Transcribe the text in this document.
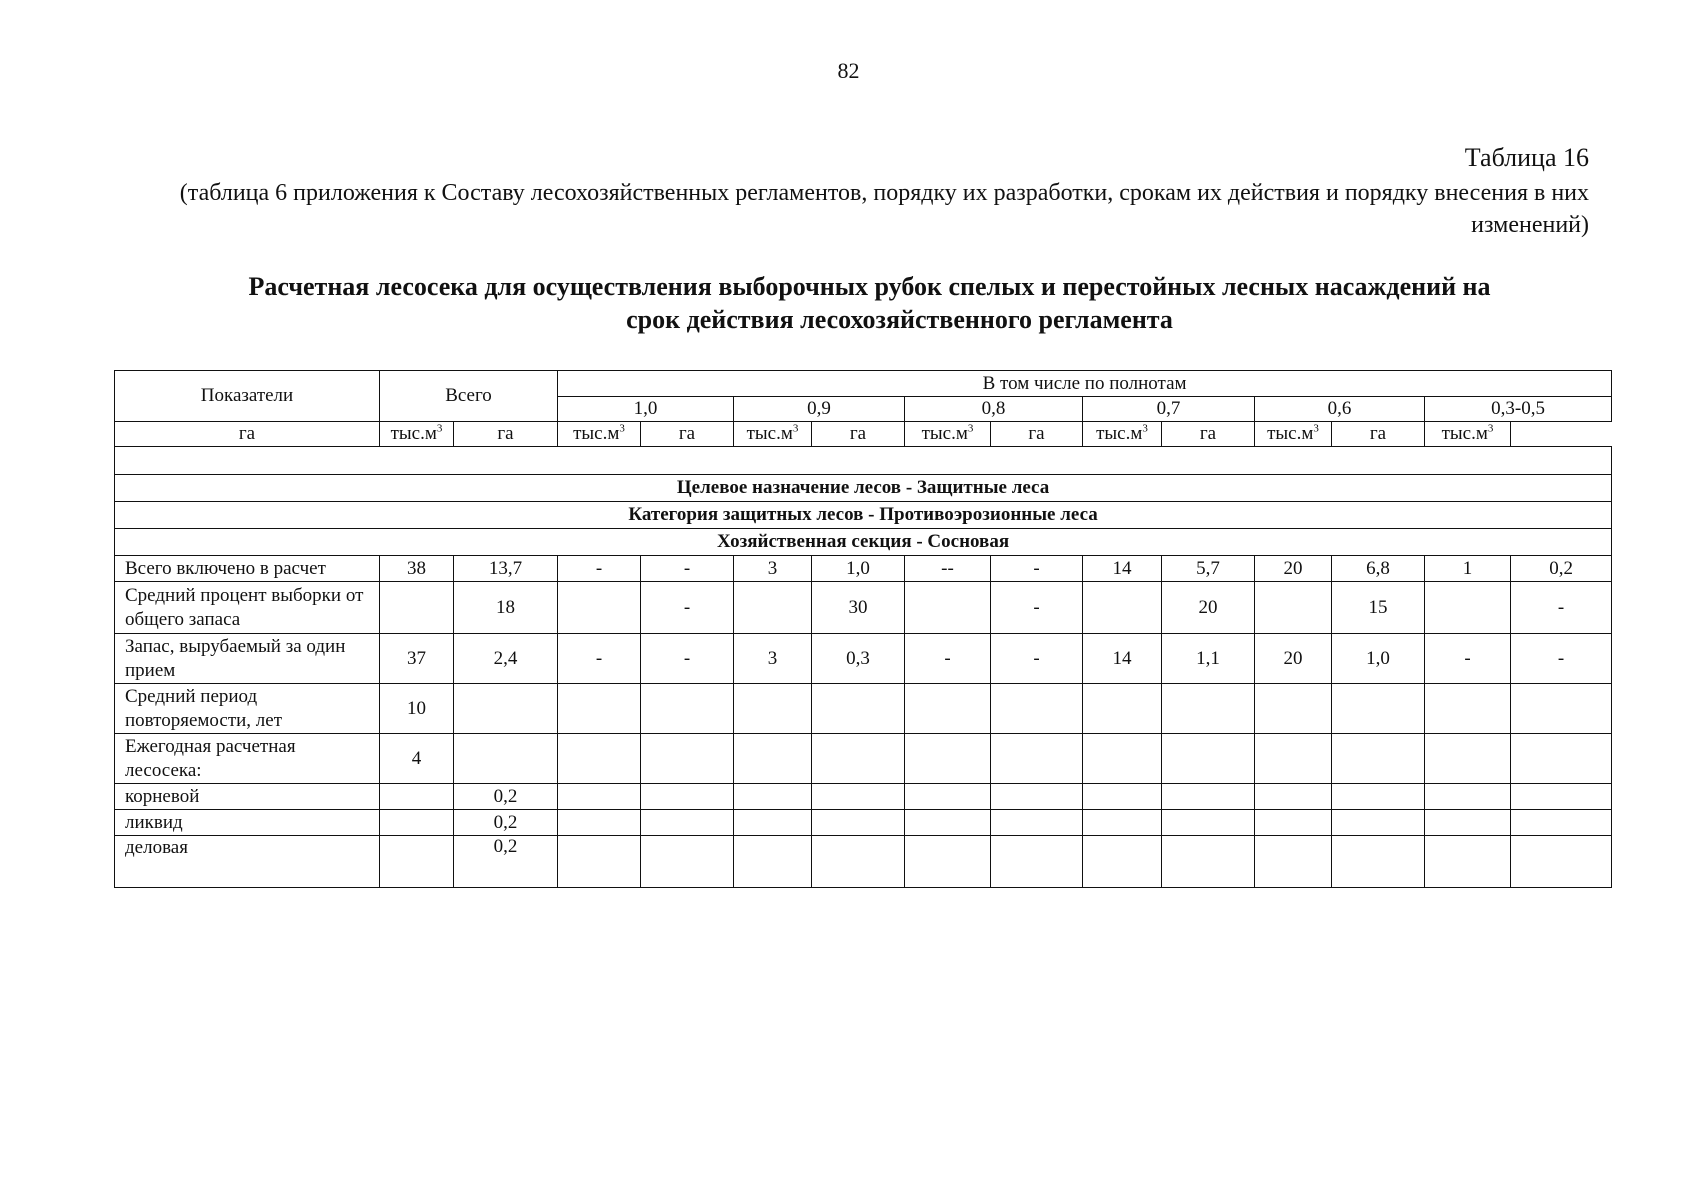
82
Таблица 16
(таблица 6 приложения к Составу лесохозяйственных регламентов, порядку их разработки, срокам их действия и порядку внесения в них изменений)
Расчетная лесосека для осуществления выборочных рубок спелых и перестойных лесных насаждений на
срок действия лесохозяйственного регламента
Показатели	Всего		В том числе по полнотам											
			1,0		0,9		0,8		0,7		0,6		0,3-0,5	
га	$тыс.м^3$	га	$тыс.м^3$	га	$тыс.м^3$	га	$тыс.м^3$	га	$тыс.м^3$	га	$тыс.м^3$	га	$тыс.м^3$

Целевое назначение лесов - Защитные леса														
Категория защитных лесов - Противоэрозионные леса														
Хозяйственная секция - Сосновая														
Всего включено в расчет	38	13,7	-	-	3	1,0	--	-	14	5,7	20	6,8	1	0,2
Средний процент выборки от общего запаса		18		-		30		-		20		15		-
Запас, вырубаемый за один прием	37	2,4	-	-	3	0,3	-	-	14	1,1	20	1,0	-	-
Средний период повторяемости, лет	10													
Ежегодная расчетная лесосека:	4													
корневой		0,2												
ликвид		0,2												
деловая		0,2												
